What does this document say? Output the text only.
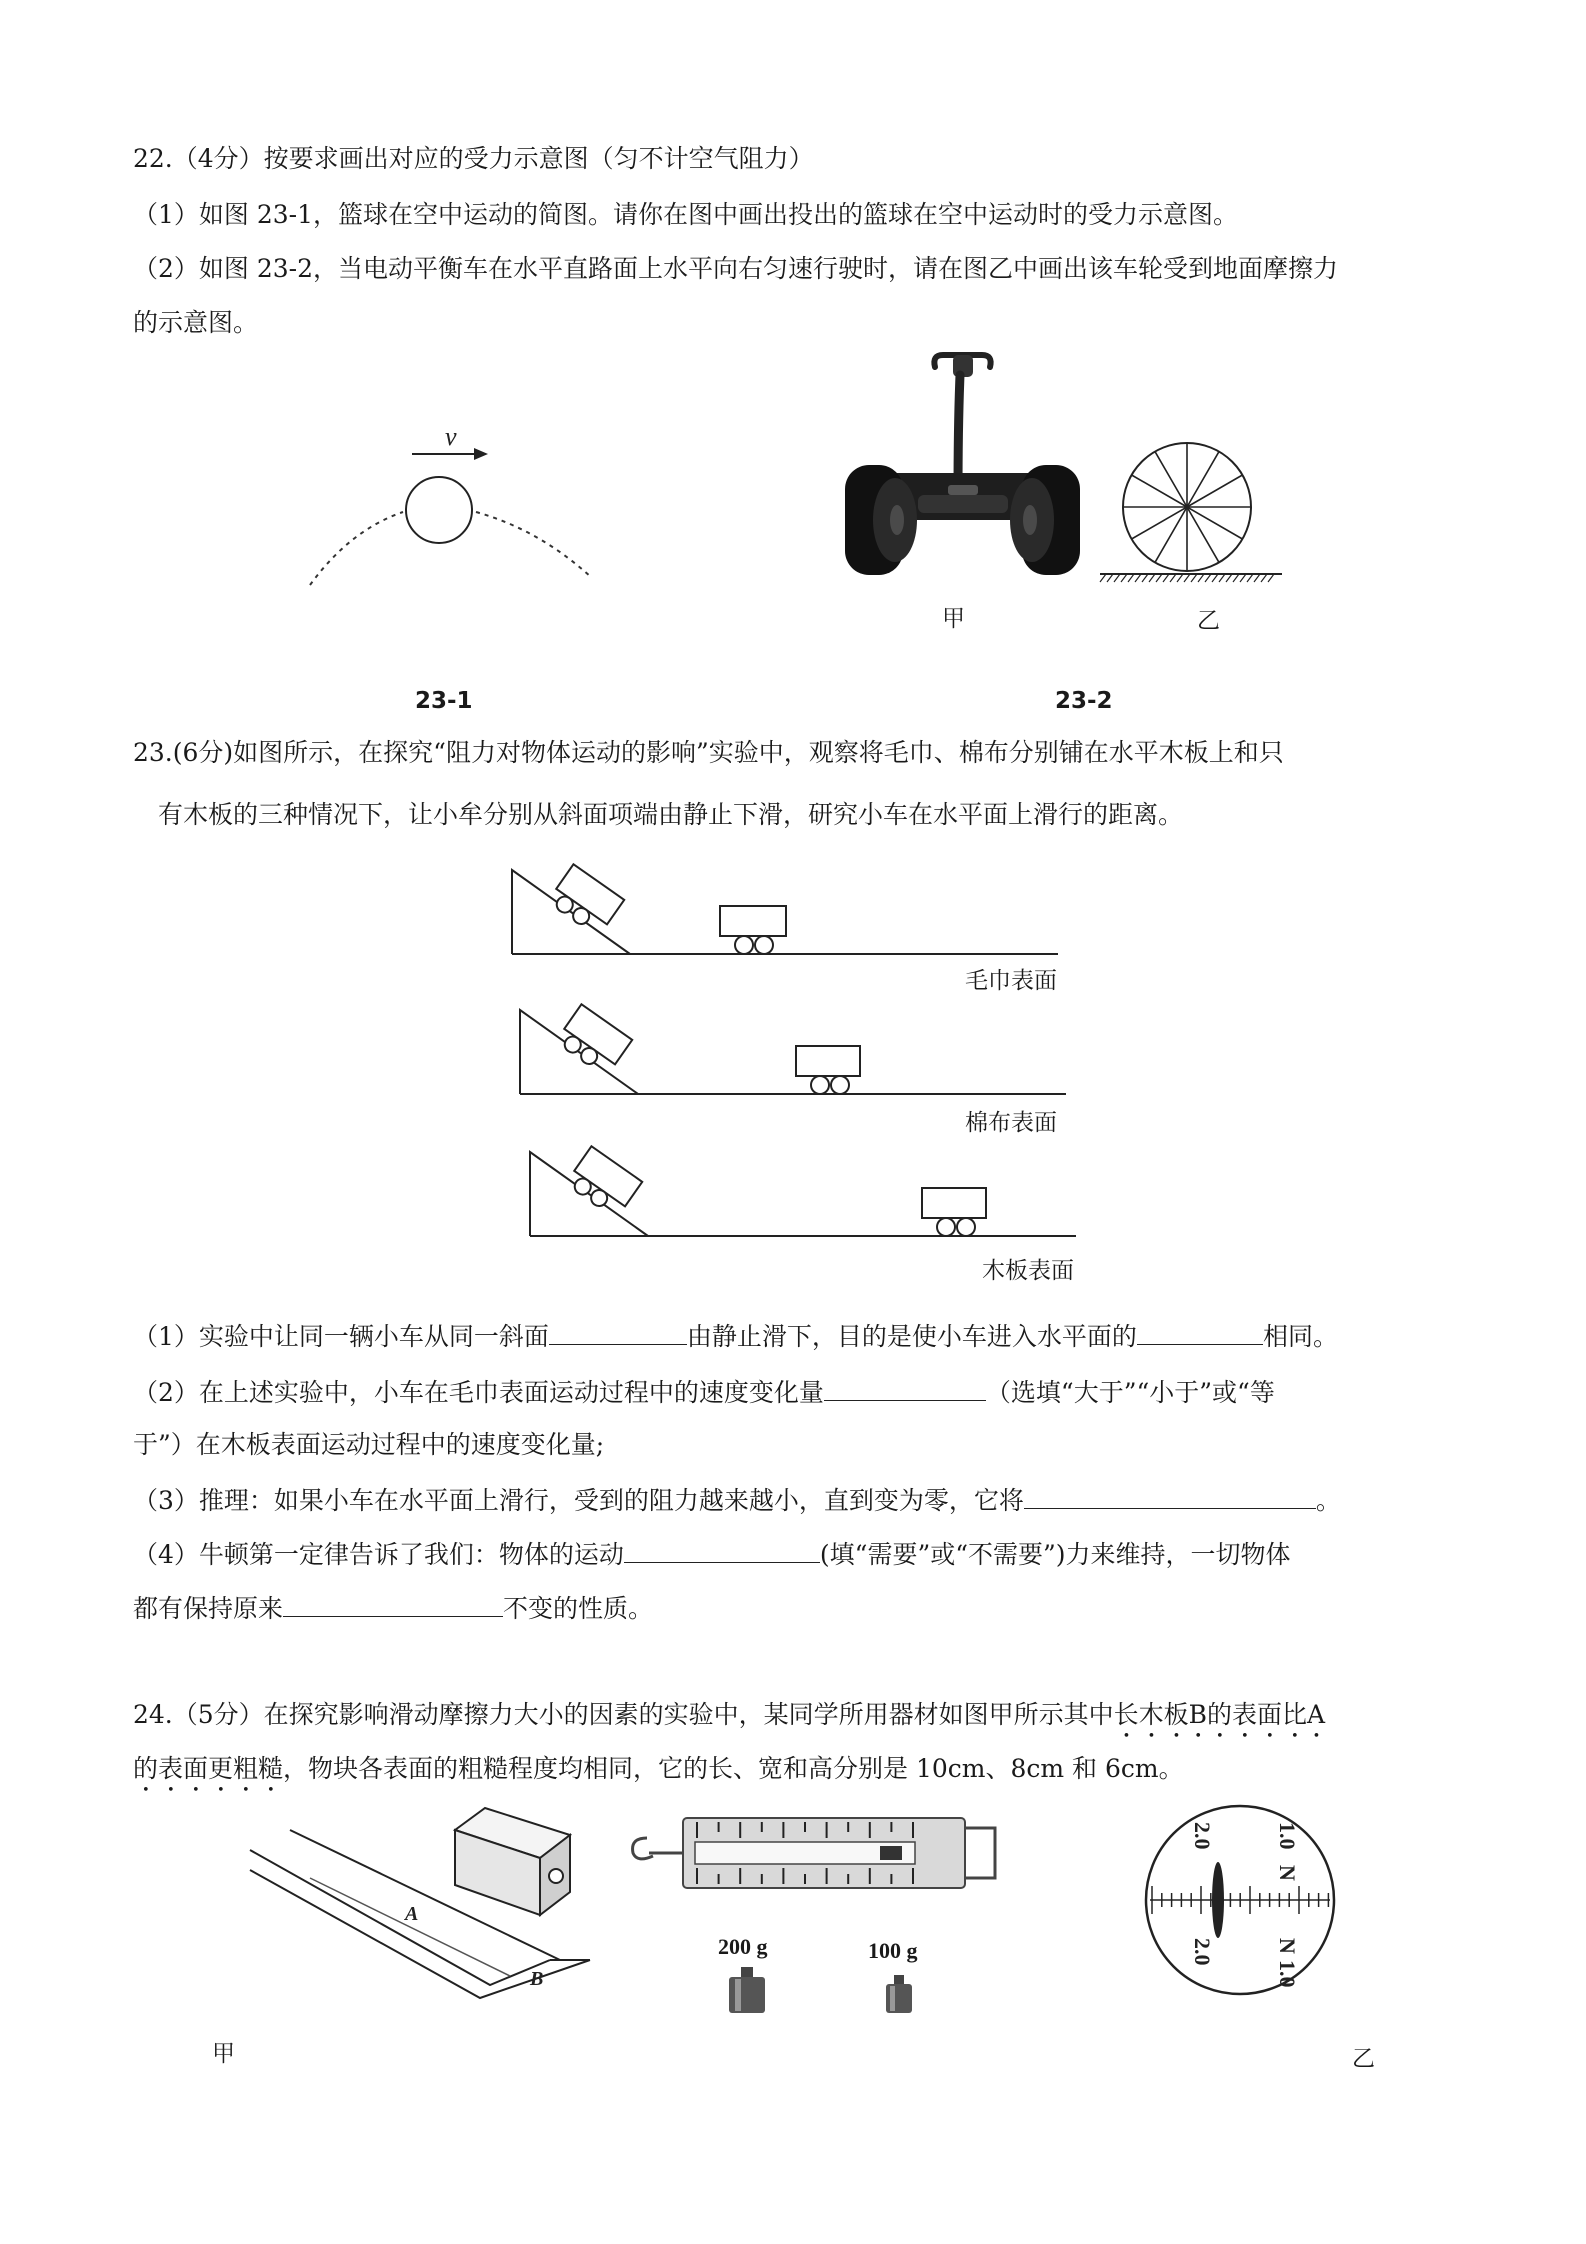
22.（4分）按要求画出对应的受力示意图（匀不计空气阻力）
（1）如图 23-1，篮球在空中运动的简图。请你在图中画出投出的篮球在空中运动时的受力示意图。
（2）如图 23-2，当电动平衡车在水平直路面上水平向右匀速行驶时，请在图乙中画出该车轮受到地面摩擦力
的示意图。
v
甲	乙
23-1	23-2
23.(6分)如图所示，在探究“阻力对物体运动的影响”实验中，观察将毛巾、棉布分别铺在水平木板上和只
有木板的三种情况下，让小牟分别从斜面项端由静止下滑，研究小车在水平面上滑行的距离。
毛巾表面
棉布表面
木板表面
（1）实验中让同一辆小车从同一斜面	由静止滑下，目的是使小车进入水平面的	相同。
（2）在上述实验中，小车在毛巾表面运动过程中的速度变化量	（选填“大于”“小于”或“等
于”）在木板表面运动过程中的速度变化量;
（3）推理：如果小车在水平面上滑行，受到的阻力越来越小，直到变为零，它将	。
（4）牛顿第一定律告诉了我们：物体的运动	(填“需要”或“不需要”)力来维持，一切物体
都有保持原来	不变的性质。
24.（5分）在探究影响滑动摩擦力大小的因素的实验中，某同学所用器材如图甲所示其中长木板B的表面比A
的表面更粗糙，物块各表面的粗糙程度均相同，它的长、宽和高分别是 10cm、8cm 和 6cm。
A
B
200 g	100 g
2.0	1.0
N
2.0	N
1.0
甲	乙
